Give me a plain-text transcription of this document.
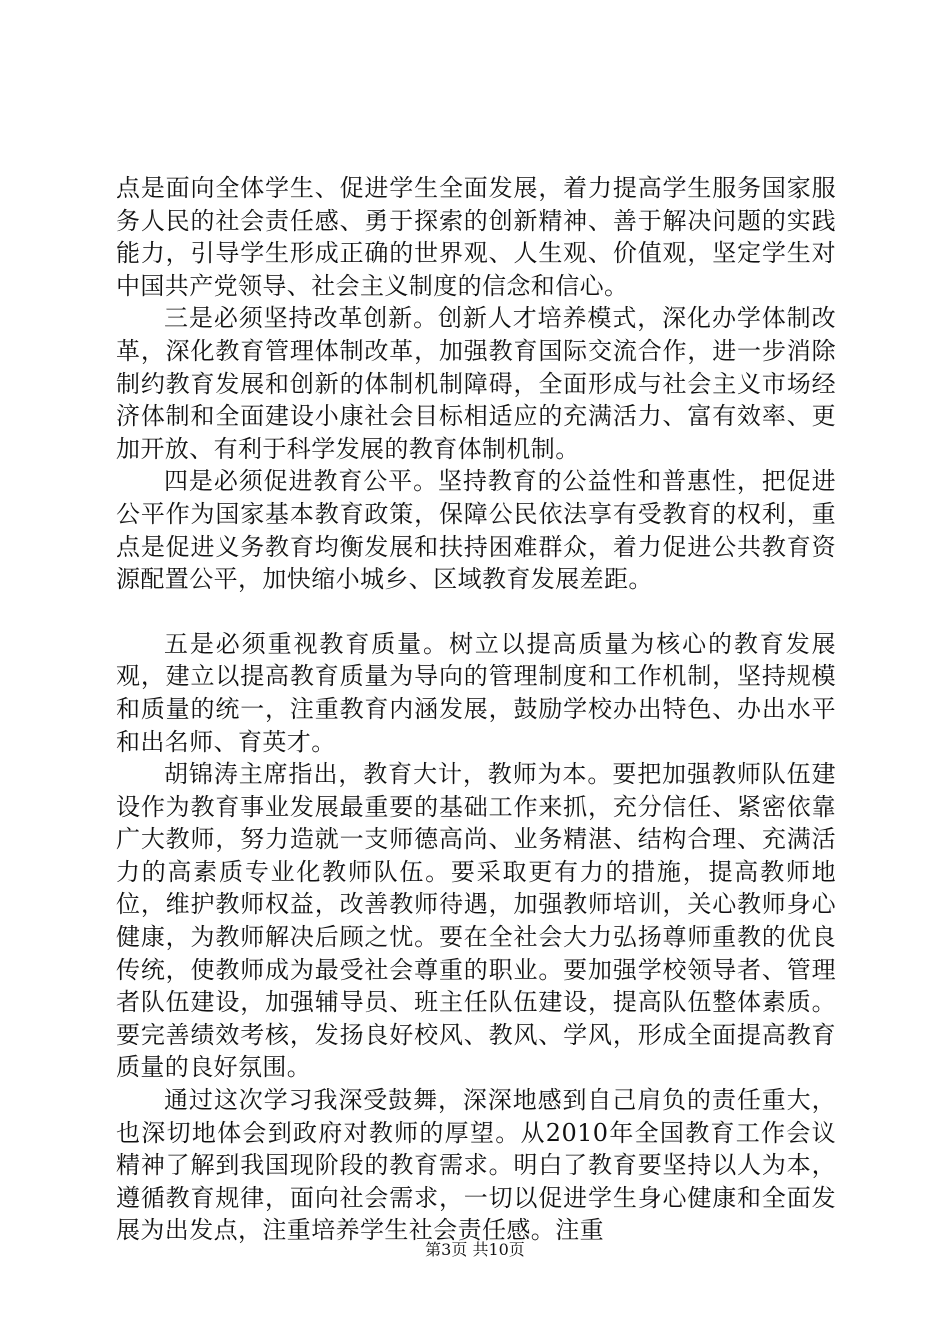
点是面向全体学生、促进学生全面发展，着力提高学生服务国家服务人民的社会责任感、勇于探索的创新精神、善于解决问题的实践能力，引导学生形成正确的世界观、人生观、价值观，坚定学生对中国共产党领导、社会主义制度的信念和信心。

三是必须坚持改革创新。创新人才培养模式，深化办学体制改革，深化教育管理体制改革，加强教育国际交流合作，进一步消除制约教育发展和创新的体制机制障碍，全面形成与社会主义市场经济体制和全面建设小康社会目标相适应的充满活力、富有效率、更加开放、有利于科学发展的教育体制机制。

四是必须促进教育公平。坚持教育的公益性和普惠性，把促进公平作为国家基本教育政策，保障公民依法享有受教育的权利，重点是促进义务教育均衡发展和扶持困难群众，着力促进公共教育资源配置公平，加快缩小城乡、区域教育发展差距。

五是必须重视教育质量。树立以提高质量为核心的教育发展观，建立以提高教育质量为导向的管理制度和工作机制，坚持规模和质量的统一，注重教育内涵发展，鼓励学校办出特色、办出水平和出名师、育英才。

胡锦涛主席指出，教育大计，教师为本。要把加强教师队伍建设作为教育事业发展最重要的基础工作来抓，充分信任、紧密依靠广大教师，努力造就一支师德高尚、业务精湛、结构合理、充满活力的高素质专业化教师队伍。要采取更有力的措施，提高教师地位，维护教师权益，改善教师待遇，加强教师培训，关心教师身心健康，为教师解决后顾之忧。要在全社会大力弘扬尊师重教的优良传统，使教师成为最受社会尊重的职业。要加强学校领导者、管理者队伍建设，加强辅导员、班主任队伍建设，提高队伍整体素质。要完善绩效考核，发扬良好校风、教风、学风，形成全面提高教育质量的良好氛围。

通过这次学习我深受鼓舞，深深地感到自己肩负的责任重大，也深切地体会到政府对教师的厚望。从2010年全国教育工作会议精神了解到我国现阶段的教育需求。明白了教育要坚持以人为本，遵循教育规律，面向社会需求，一切以促进学生身心健康和全面发展为出发点，注重培养学生社会责任感。注重

第3页 共10页
